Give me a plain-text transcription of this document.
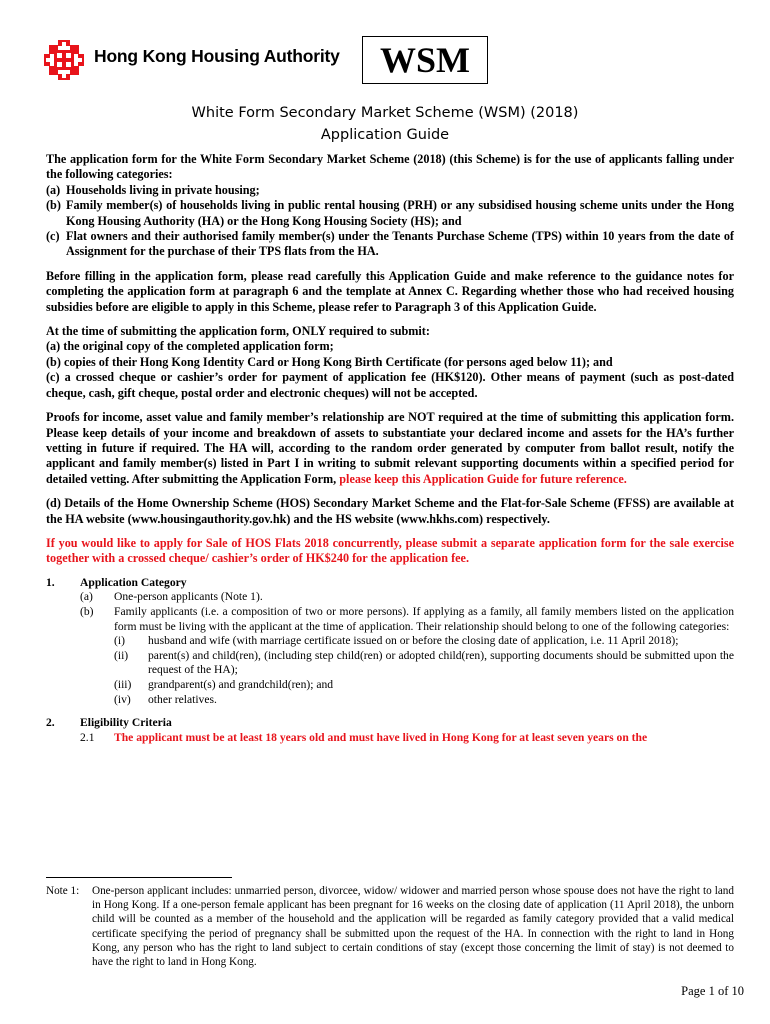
Hong Kong Housing Authority	WSM
White Form Secondary Market Scheme (WSM) (2018)
Application Guide

The application form for the White Form Secondary Market Scheme (2018) (this Scheme) is for the use of applicants falling under the following categories:

(a) Households living in private housing;
(b) Family member(s) of households living in public rental housing (PRH) or any subsidised housing scheme units under the Hong Kong Housing Authority (HA) or the Hong Kong Housing Society (HS); and
(c) Flat owners and their authorised family member(s) under the Tenants Purchase Scheme (TPS) within 10 years from the date of Assignment for the purchase of their TPS flats from the HA.

Before filling in the application form, please read carefully this Application Guide and make reference to the guidance notes for completing the application form at paragraph 6 and the template at Annex C. Regarding whether those who had received housing subsidies before are eligible to apply in this Scheme, please refer to Paragraph 3 of this Application Guide.

At the time of submitting the application form, ONLY required to submit:

(a) the original copy of the completed application form;

(b) copies of their Hong Kong Identity Card or Hong Kong Birth Certificate (for persons aged below 11); and

(c) a crossed cheque or cashier’s order for payment of application fee (HK$120). Other means of payment (such as post-dated cheque, cash, gift cheque, postal order and electronic cheques) will not be accepted.

Proofs for income, asset value and family member’s relationship are NOT required at the time of submitting this application form. Please keep details of your income and breakdown of assets to substantiate your declared income and assets for the HA’s further vetting in future if required. The HA will, according to the random order generated by computer from ballot result, notify the applicant and family member(s) listed in Part I in writing to submit relevant supporting documents within a specified period for detailed vetting. After submitting the Application Form, please keep this Application Guide for future reference.

(d) Details of the Home Ownership Scheme (HOS) Secondary Market Scheme and the Flat-for-Sale Scheme (FFSS) are available at the HA website (www.housingauthority.gov.hk) and the HS website (www.hkhs.com) respectively.

If you would like to apply for Sale of HOS Flats 2018 concurrently, please submit a separate application form for the sale exercise together with a crossed cheque/ cashier’s order of HK$240 for the application fee.

1.	Application Category
(a)	One-person applicants (Note 1).
(b)	Family applicants (i.e. a composition of two or more persons). If applying as a family, all family members listed on the application form must be living with the applicant at the time of application. Their relationship should belong to one of the following categories:
(i)	husband and wife (with marriage certificate issued on or before the closing date of application, i.e. 11 April 2018);
(ii)	parent(s) and child(ren), (including step child(ren) or adopted child(ren), supporting documents should be submitted upon the request of the HA);
(iii)	grandparent(s) and grandchild(ren); and
(iv)	other relatives.
2.	Eligibility Criteria
2.1	The applicant must be at least 18 years old and must have lived in Hong Kong for at least seven years on the
Note 1:	One-person applicant includes: unmarried person, divorcee, widow/ widower and married person whose spouse does not have the right to land in Hong Kong. If a one-person female applicant has been pregnant for 16 weeks on the closing date of application (11 April 2018), the unborn child will be counted as a member of the household and the application will be regarded as family category provided that a valid medical certificate specifying the period of pregnancy shall be submitted upon the request of the HA. In connection with the right to land in Hong Kong, any person who has the right to land subject to certain conditions of stay (except those concerning the limit of stay) is not deemed to have the right to land in Hong Kong.
Page 1 of 10
